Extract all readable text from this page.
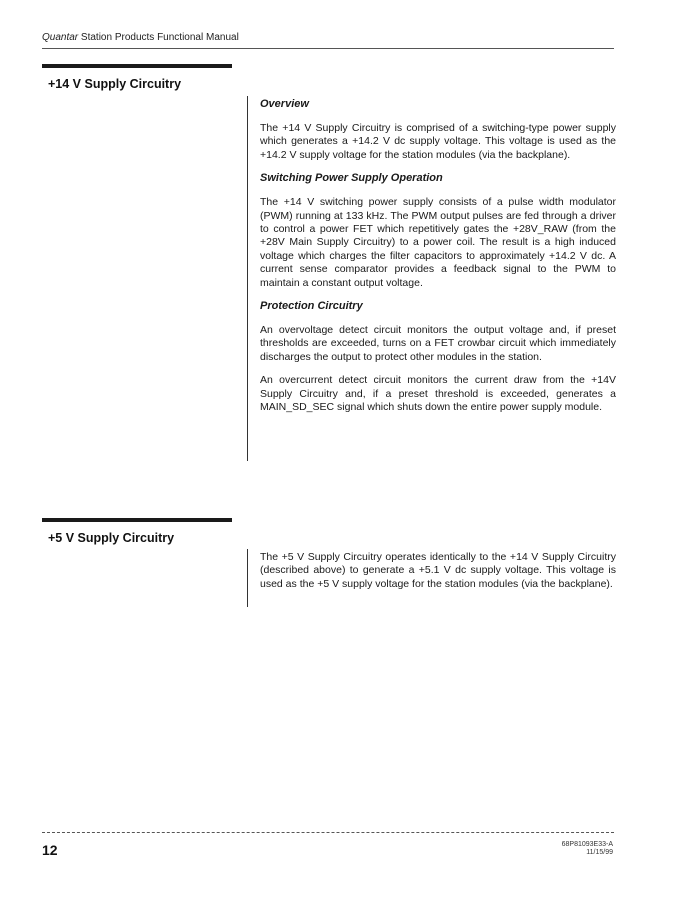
Quantar Station Products Functional Manual
+14 V Supply Circuitry
Overview

The +14 V Supply Circuitry is comprised of a switching-type power supply which generates a +14.2 V dc supply voltage. This voltage is used as the +14.2 V supply voltage for the station modules (via the backplane).

Switching Power Supply Operation

The +14 V switching power supply consists of a pulse width modulator (PWM) running at 133 kHz. The PWM output pulses are fed through a driver to control a power FET which repetitively gates the +28V_RAW (from the +28V Main Supply Circuitry) to a power coil. The result is a high induced voltage which charges the filter capacitors to approximately +14.2 V dc. A current sense comparator provides a feedback signal to the PWM to maintain a constant output voltage.

Protection Circuitry

An overvoltage detect circuit monitors the output voltage and, if preset thresholds are exceeded, turns on a FET crowbar circuit which immediately discharges the output to protect other modules in the station.

An overcurrent detect circuit monitors the current draw from the +14V Supply Circuitry and, if a preset threshold is exceeded, generates a MAIN_SD_SEC signal which shuts down the entire power supply module.

+5 V Supply Circuitry

The +5 V Supply Circuitry operates identically to the +14 V Supply Circuitry (described above) to generate a +5.1 V dc supply voltage. This voltage is used as the +5 V supply voltage for the station modules (via the backplane).

12	68P81093E33-A
11/15/99
